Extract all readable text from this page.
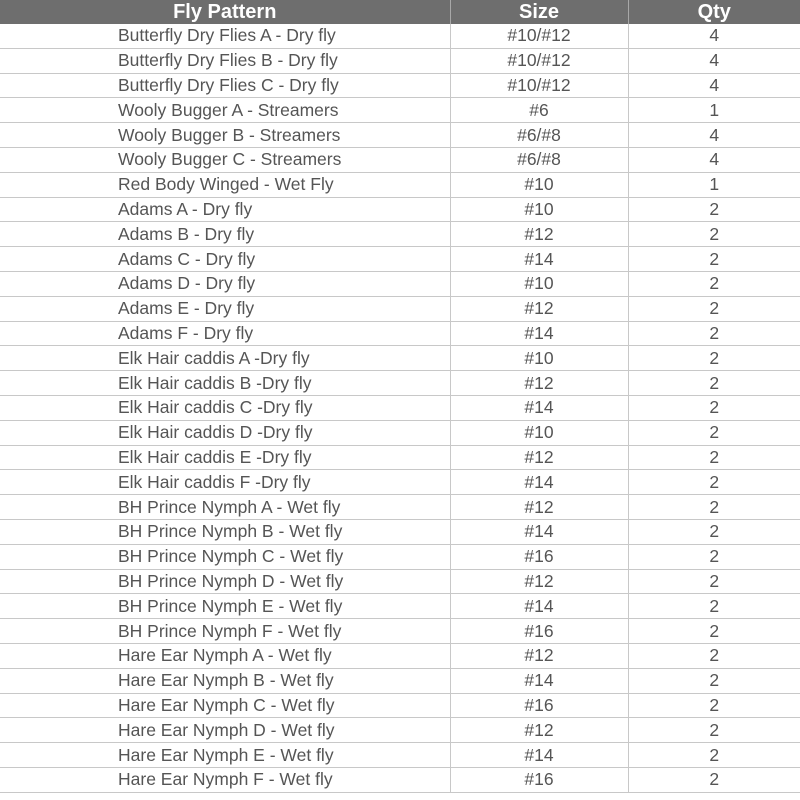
Fly Pattern	Size	Qty
Butterfly Dry Flies A - Dry fly	#10/#12	4
Butterfly Dry Flies B - Dry fly	#10/#12	4
Butterfly Dry Flies C - Dry fly	#10/#12	4
Wooly Bugger A - Streamers	#6	1
Wooly Bugger B - Streamers	#6/#8	4
Wooly Bugger C - Streamers	#6/#8	4
Red Body Winged - Wet Fly	#10	1
Adams A - Dry fly	#10	2
Adams B - Dry fly	#12	2
Adams C - Dry fly	#14	2
Adams D - Dry fly	#10	2
Adams E - Dry fly	#12	2
Adams F - Dry fly	#14	2
Elk Hair caddis A -Dry fly	#10	2
Elk Hair caddis B -Dry fly	#12	2
Elk Hair caddis C -Dry fly	#14	2
Elk Hair caddis D -Dry fly	#10	2
Elk Hair caddis E -Dry fly	#12	2
Elk Hair caddis F -Dry fly	#14	2
BH Prince Nymph A - Wet fly	#12	2
BH Prince Nymph B - Wet fly	#14	2
BH Prince Nymph C - Wet fly	#16	2
BH Prince Nymph D - Wet fly	#12	2
BH Prince Nymph E - Wet fly	#14	2
BH Prince Nymph F - Wet fly	#16	2
Hare Ear Nymph A - Wet fly	#12	2
Hare Ear Nymph B - Wet fly	#14	2
Hare Ear Nymph C - Wet fly	#16	2
Hare Ear Nymph D - Wet fly	#12	2
Hare Ear Nymph E - Wet fly	#14	2
Hare Ear Nymph F - Wet fly	#16	2
